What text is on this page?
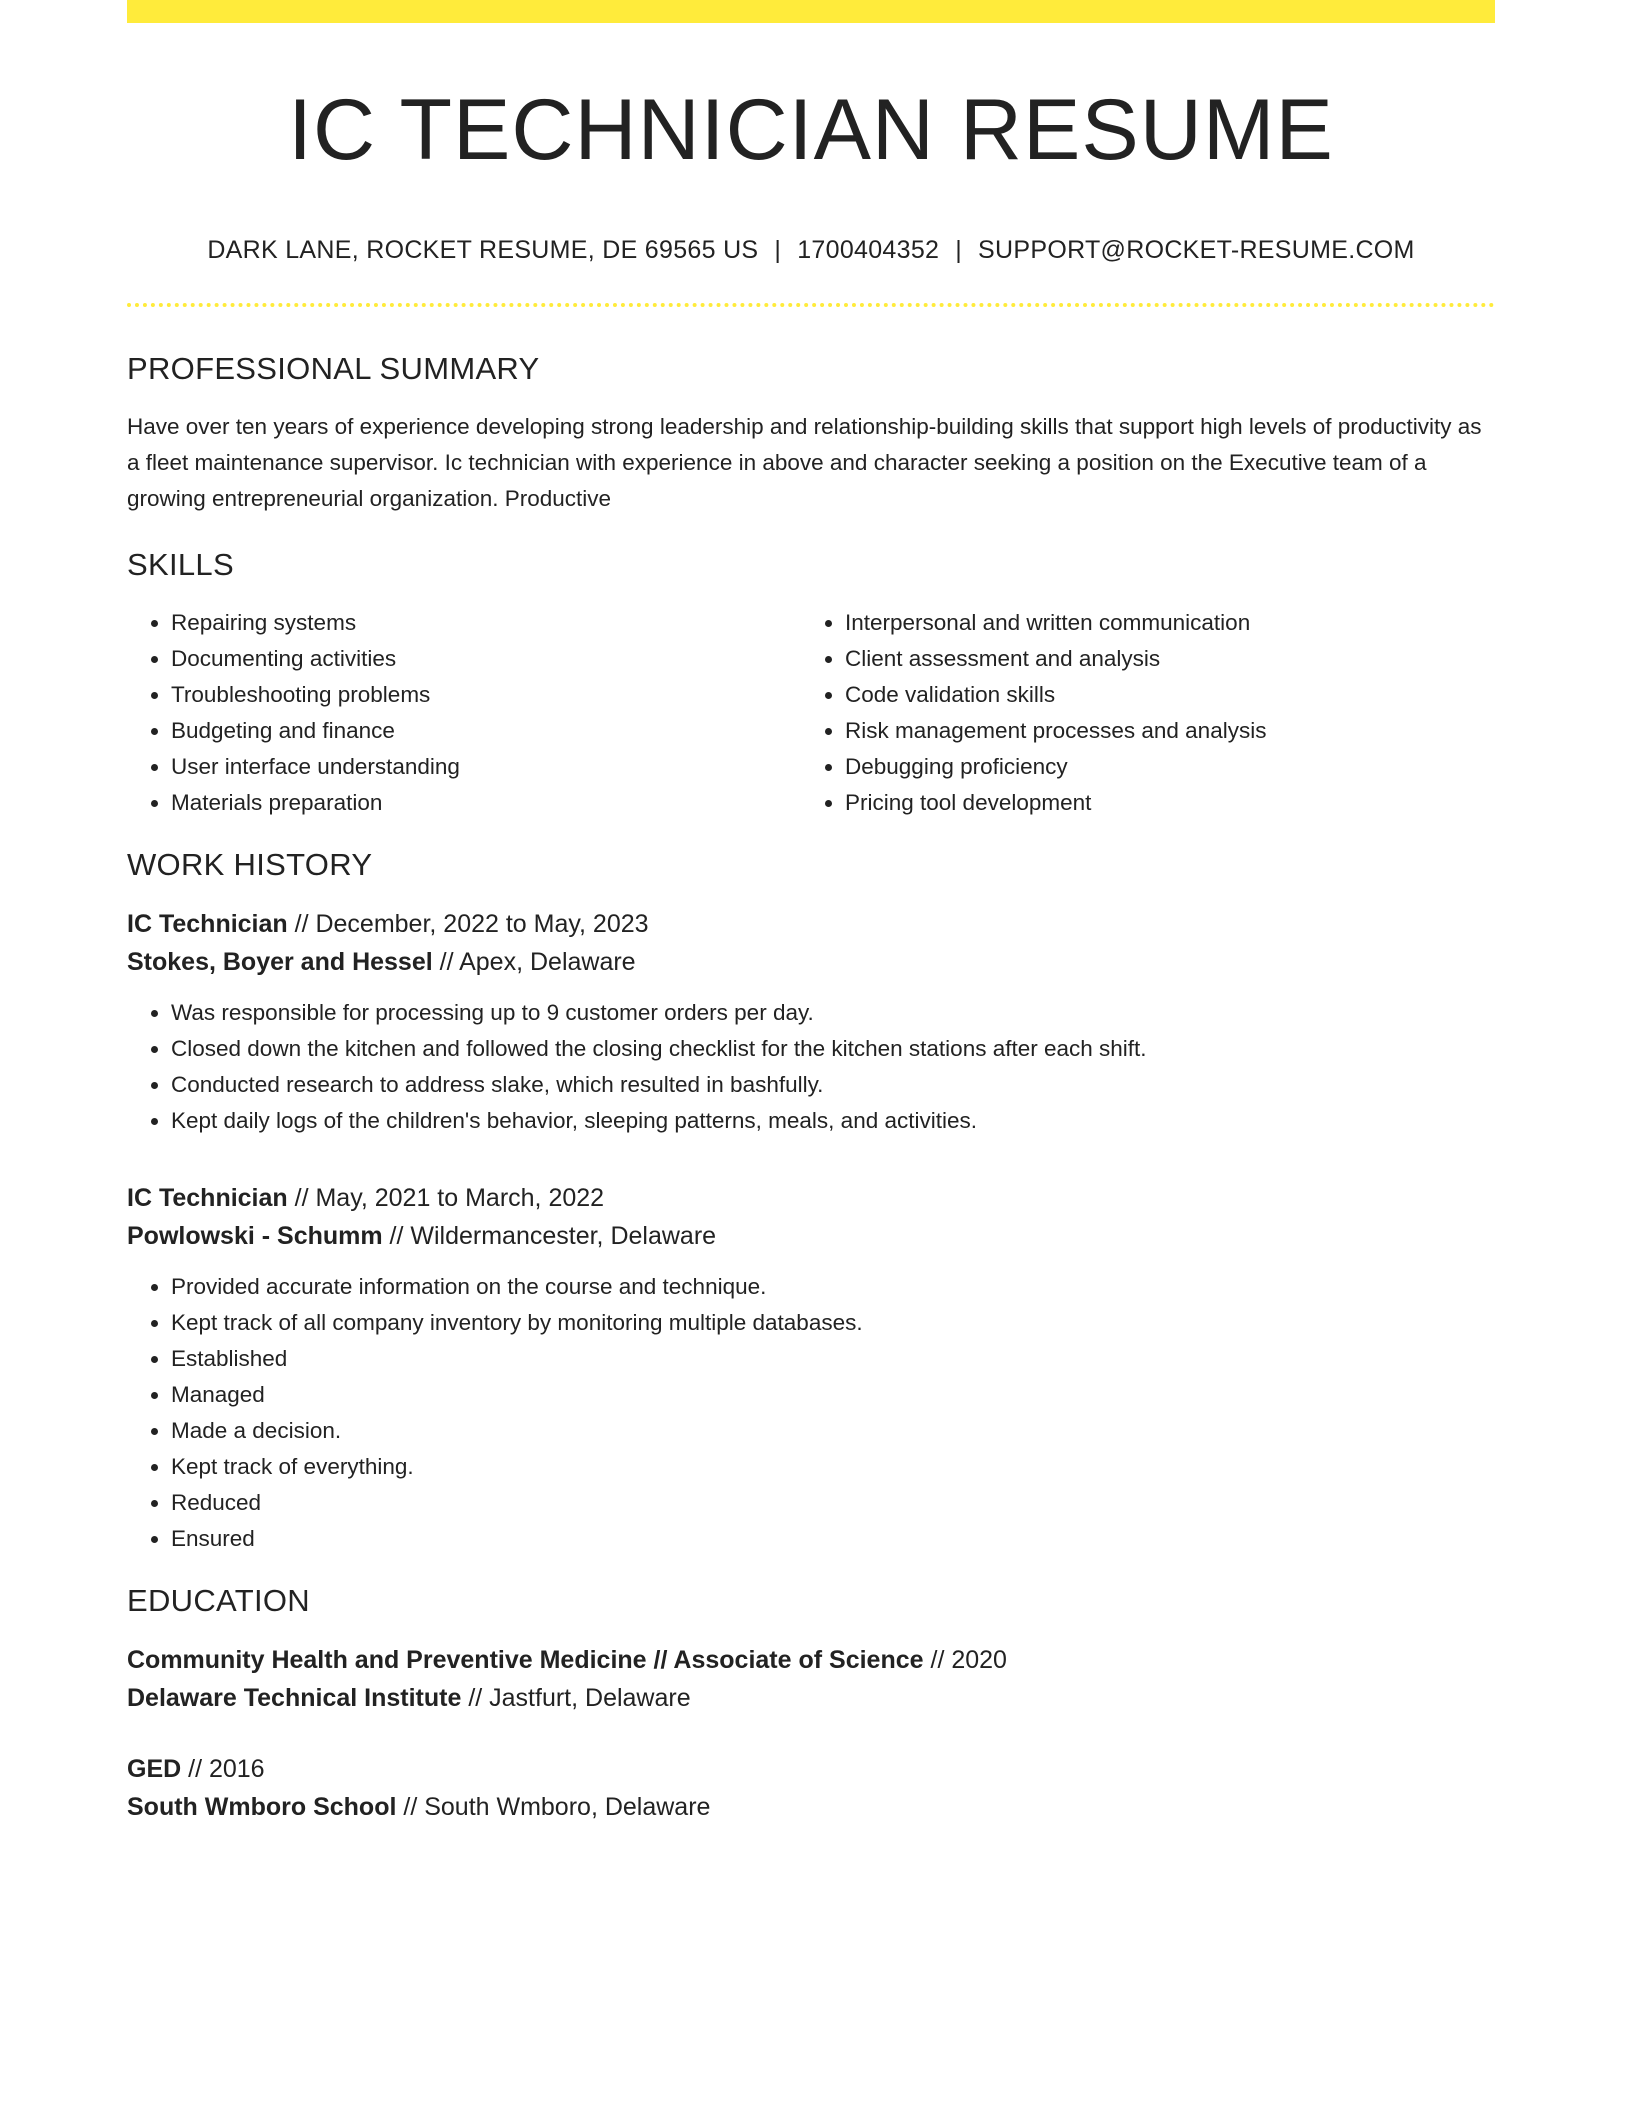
IC TECHNICIAN RESUME
DARK LANE, ROCKET RESUME, DE 69565 US | 1700404352 | SUPPORT@ROCKET-RESUME.COM
PROFESSIONAL SUMMARY

Have over ten years of experience developing strong leadership and relationship-building skills that support high levels of productivity as a fleet maintenance supervisor. Ic technician with experience in above and character seeking a position on the Executive team of a growing entrepreneurial organization. Productive

SKILLS
• Repairing systems
• Documenting activities
• Troubleshooting problems
• Budgeting and finance
• User interface understanding
• Materials preparation
• Interpersonal and written communication
• Client assessment and analysis
• Code validation skills
• Risk management processes and analysis
• Debugging proficiency
• Pricing tool development
WORK HISTORY
IC Technician // December, 2022 to May, 2023
Stokes, Boyer and Hessel // Apex, Delaware
• Was responsible for processing up to 9 customer orders per day.
• Closed down the kitchen and followed the closing checklist for the kitchen stations after each shift.
• Conducted research to address slake, which resulted in bashfully.
• Kept daily logs of the children's behavior, sleeping patterns, meals, and activities.
IC Technician // May, 2021 to March, 2022
Powlowski - Schumm // Wildermancester, Delaware
• Provided accurate information on the course and technique.
• Kept track of all company inventory by monitoring multiple databases.
• Established
• Managed
• Made a decision.
• Kept track of everything.
• Reduced
• Ensured
EDUCATION
Community Health and Preventive Medicine // Associate of Science // 2020
Delaware Technical Institute // Jastfurt, Delaware
GED // 2016
South Wmboro School // South Wmboro, Delaware
